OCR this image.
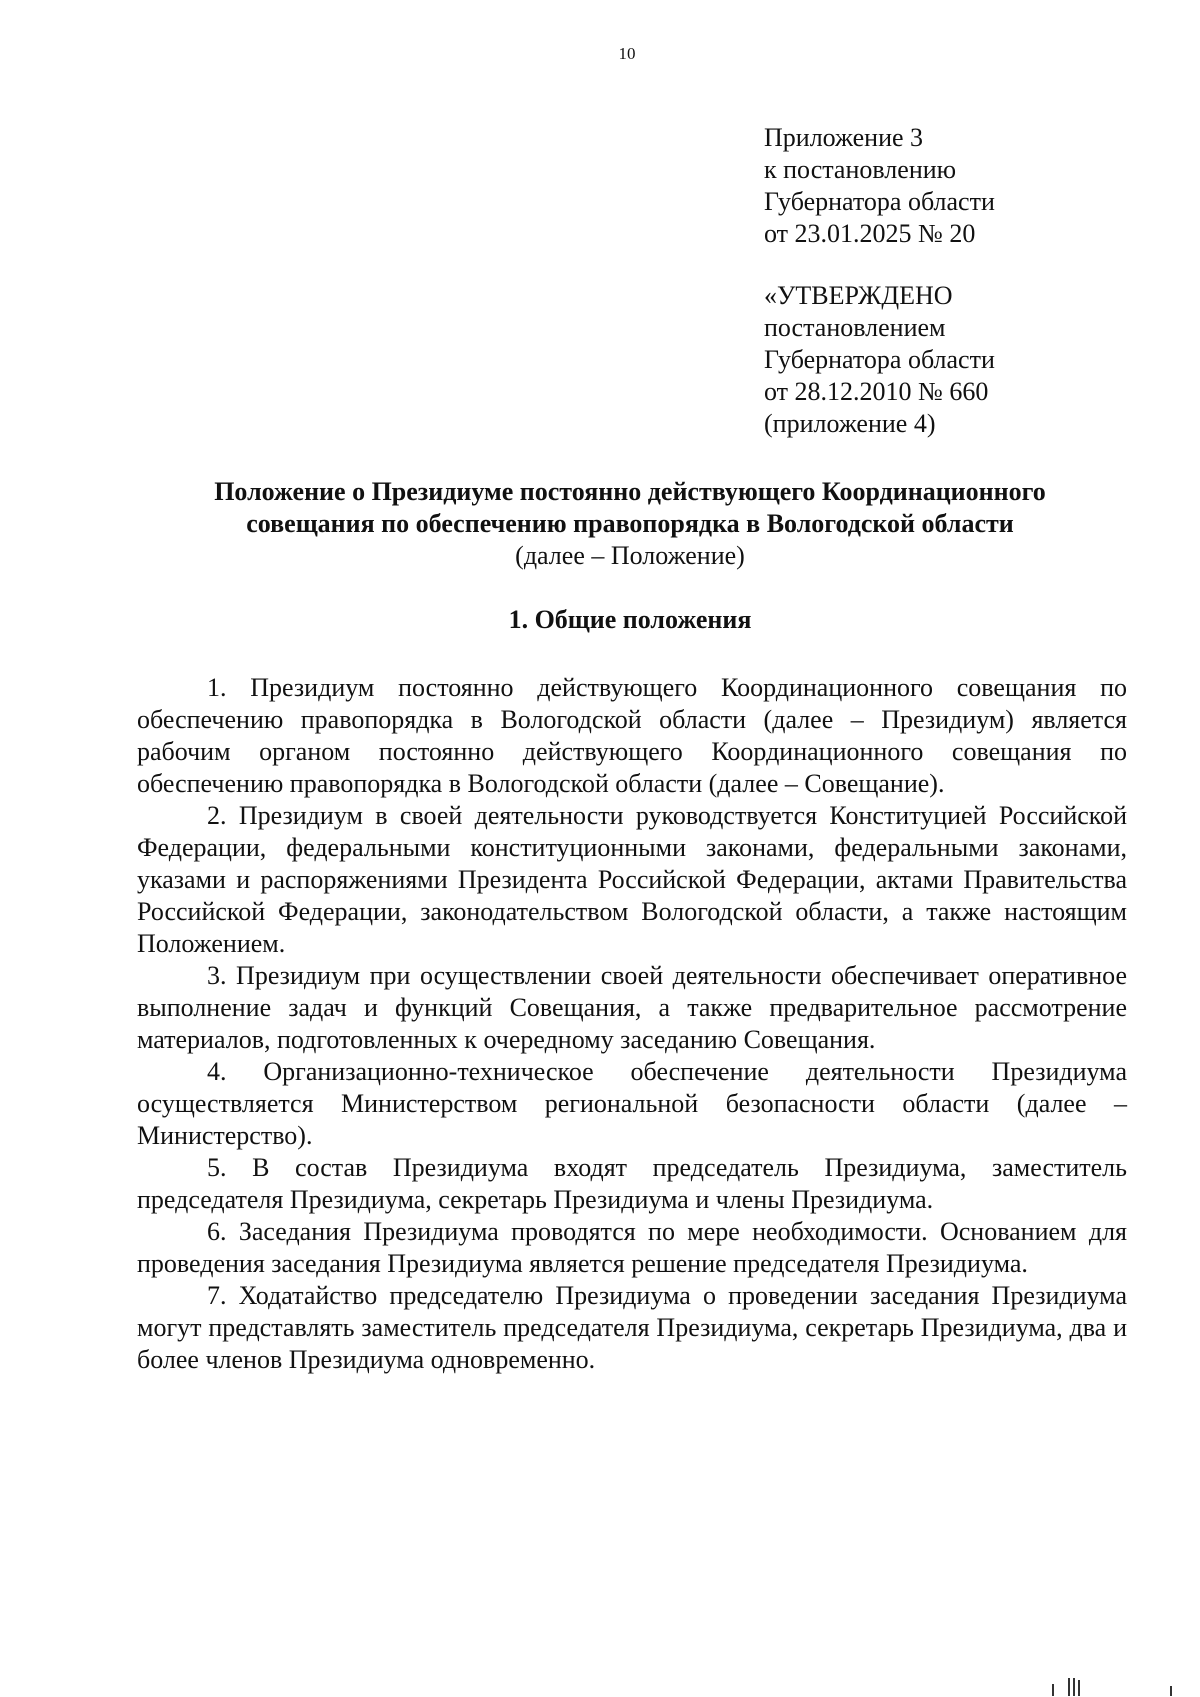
10
Приложение 3
к постановлению
Губернатора области
от 23.01.2025 № 20
«УТВЕРЖДЕНО
постановлением
Губернатора области
от 28.12.2010 № 660
(приложение 4)
Положение о Президиуме постоянно действующего Координационного
совещания по обеспечению правопорядка в Вологодской области
(далее – Положение)
1. Общие положения

1. Президиум постоянно действующего Координационного совещания по обеспечению правопорядка в Вологодской области (далее – Президиум) является рабочим органом постоянно действующего Координационного совещания по обеспечению правопорядка в Вологодской области (далее – Совещание).

2. Президиум в своей деятельности руководствуется Конституцией Российской Федерации, федеральными конституционными законами, федеральными законами, указами и распоряжениями Президента Российской Федерации, актами Правительства Российской Федерации, законодательством Вологодской области, а также настоящим Положением.

3. Президиум при осуществлении своей деятельности обеспечивает оперативное выполнение задач и функций Совещания, а также предварительное рассмотрение материалов, подготовленных к очередному заседанию Совещания.

4. Организационно-техническое обеспечение деятельности Президиума осуществляется Министерством региональной безопасности области (далее – Министерство).

5. В состав Президиума входят председатель Президиума, заместитель председателя Президиума, секретарь Президиума и члены Президиума.

6. Заседания Президиума проводятся по мере необходимости. Основанием для проведения заседания Президиума является решение председателя Президиума.

7. Ходатайство председателю Президиума о проведении заседания Президиума могут представлять заместитель председателя Президиума, секретарь Президиума, два и более членов Президиума одновременно.
